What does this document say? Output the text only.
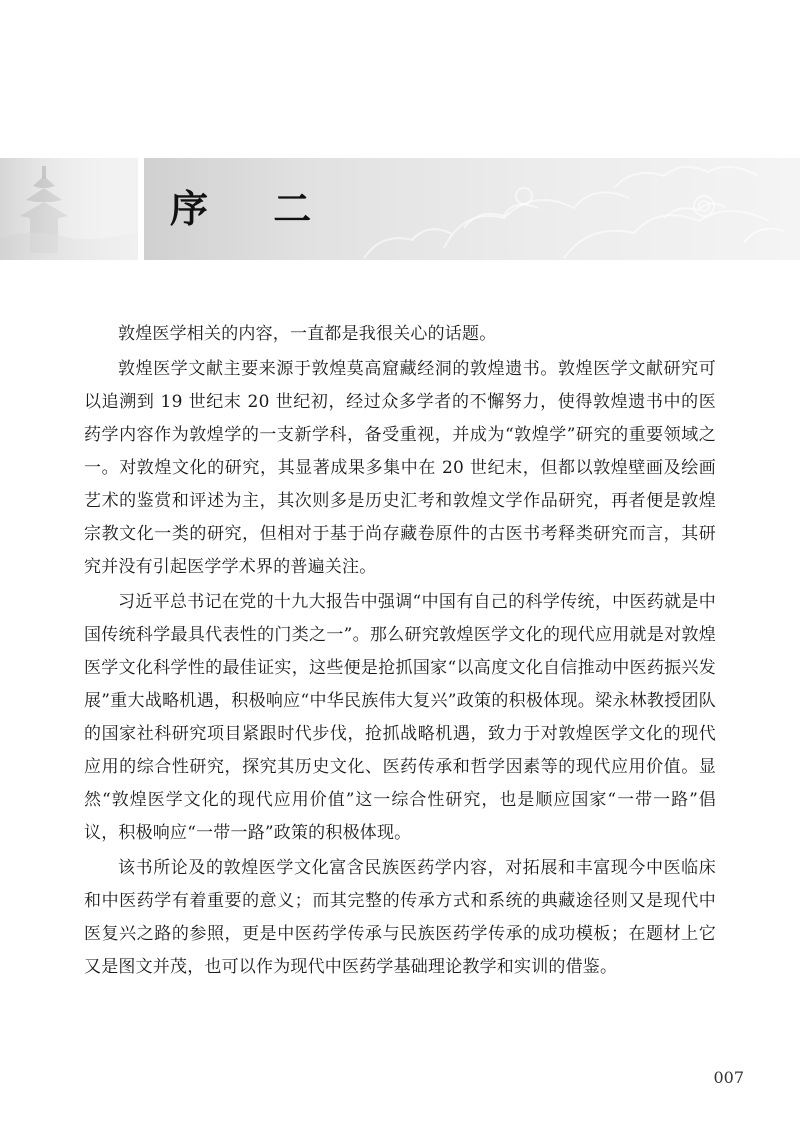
序 二

敦煌医学相关的内容，一直都是我很关心的话题。

敦煌医学文献主要来源于敦煌莫高窟藏经洞的敦煌遗书。敦煌医学文献研究可以追溯到 19 世纪末 20 世纪初，经过众多学者的不懈努力，使得敦煌遗书中的医药学内容作为敦煌学的一支新学科，备受重视，并成为“敦煌学”研究的重要领域之一。对敦煌文化的研究，其显著成果多集中在 20 世纪末，但都以敦煌壁画及绘画艺术的鉴赏和评述为主，其次则多是历史汇考和敦煌文学作品研究，再者便是敦煌宗教文化一类的研究，但相对于基于尚存藏卷原件的古医书考释类研究而言，其研究并没有引起医学学术界的普遍关注。

习近平总书记在党的十九大报告中强调“中国有自己的科学传统，中医药就是中国传统科学最具代表性的门类之一”。那么研究敦煌医学文化的现代应用就是对敦煌医学文化科学性的最佳证实，这些便是抢抓国家“以高度文化自信推动中医药振兴发展”重大战略机遇，积极响应“中华民族伟大复兴”政策的积极体现。梁永林教授团队的国家社科研究项目紧跟时代步伐，抢抓战略机遇，致力于对敦煌医学文化的现代应用的综合性研究，探究其历史文化、医药传承和哲学因素等的现代应用价值。显然“敦煌医学文化的现代应用价值”这一综合性研究，也是顺应国家“一带一路”倡议，积极响应“一带一路”政策的积极体现。

该书所论及的敦煌医学文化富含民族医药学内容，对拓展和丰富现今中医临床和中医药学有着重要的意义；而其完整的传承方式和系统的典藏途径则又是现代中医复兴之路的参照，更是中医药学传承与民族医药学传承的成功模板；在题材上它又是图文并茂，也可以作为现代中医药学基础理论教学和实训的借鉴。

007
